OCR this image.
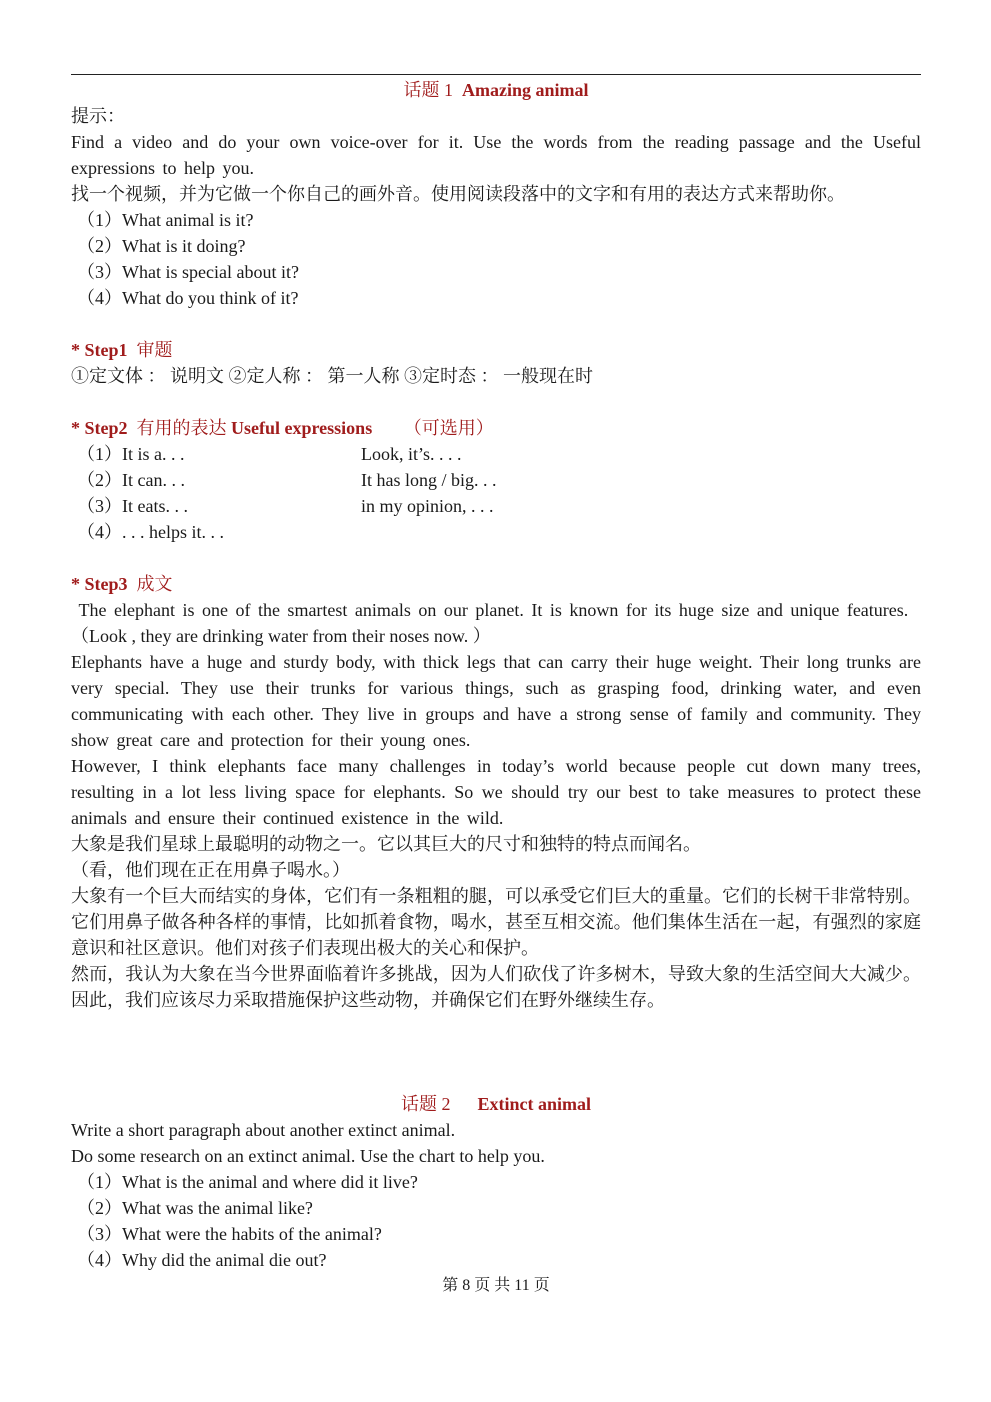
话题 1 Amazing animal
提示：
Find a video and do your own voice-over for it. Use the words from the reading passage and the Useful expressions to help you.
找一个视频，并为它做一个你自己的画外音。使用阅读段落中的文字和有用的表达方式来帮助你。
（1）What animal is it?
（2）What is it doing?
（3）What is special about it?
（4）What do you think of it?
* Step1 审题
①定文体 ： 说明文 ②定人称 ： 第一人称 ③定时态 ： 一般现在时
* Step2 有用的表达 Useful expressions （可选用）
（1）It is a. . .	Look, it’s. . . .
（2）It can. . .	It has long / big. . .
（3）It eats. . .	in my opinion, . . .
（4）. . . helps it. . .
* Step3 成文
The elephant is one of the smartest animals on our planet. It is known for its huge size and unique features.
（Look , they are drinking water from their noses now. ）
Elephants have a huge and sturdy body, with thick legs that can carry their huge weight. Their long trunks are very special. They use their trunks for various things, such as grasping food, drinking water, and even communicating with each other. They live in groups and have a strong sense of family and community. They show great care and protection for their young ones.
However, I think elephants face many challenges in today’s world because people cut down many trees, resulting in a lot less living space for elephants. So we should try our best to take measures to protect these animals and ensure their continued existence in the wild.
大象是我们星球上最聪明的动物之一。它以其巨大的尺寸和独特的特点而闻名。
（看，他们现在正在用鼻子喝水。）
大象有一个巨大而结实的身体，它们有一条粗粗的腿，可以承受它们巨大的重量。它们的长树干非常特别。它们用鼻子做各种各样的事情，比如抓着食物，喝水，甚至互相交流。他们集体生活在一起，有强烈的家庭意识和社区意识。他们对孩子们表现出极大的关心和保护。
然而，我认为大象在当今世界面临着许多挑战，因为人们砍伐了许多树木，导致大象的生活空间大大减少。因此，我们应该尽力采取措施保护这些动物，并确保它们在野外继续生存。
话题 2 Extinct animal
Write a short paragraph about another extinct animal.
Do some research on an extinct animal. Use the chart to help you.
（1）What is the animal and where did it live?
（2）What was the animal like?
（3）What were the habits of the animal?
（4）Why did the animal die out?
第 8 页 共 11 页
